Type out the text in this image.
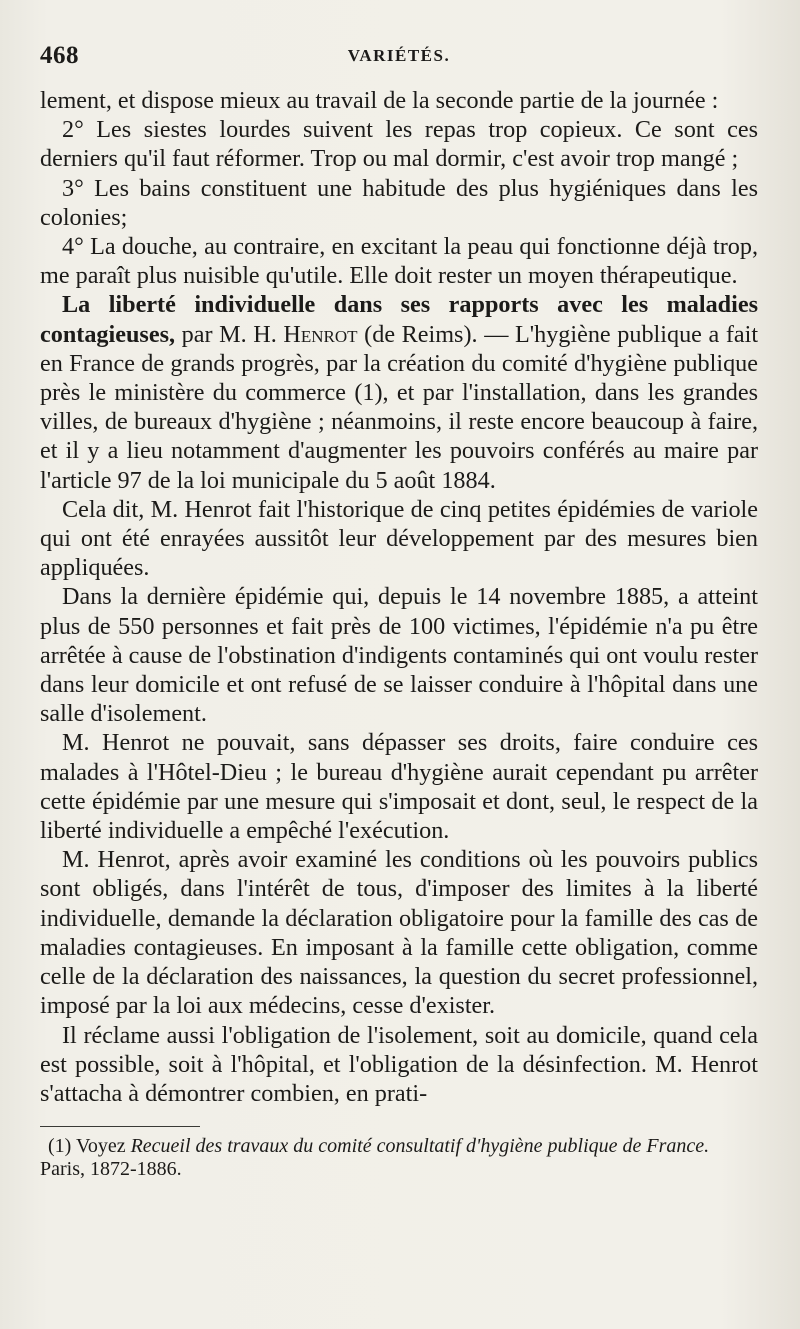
468	VARIÉTÉS.

lement, et dispose mieux au travail de la seconde partie de la journée :

2° Les siestes lourdes suivent les repas trop copieux. Ce sont ces derniers qu'il faut réformer. Trop ou mal dormir, c'est avoir trop mangé ;

3° Les bains constituent une habitude des plus hygiéniques dans les colonies;

4° La douche, au contraire, en excitant la peau qui fonctionne déjà trop, me paraît plus nuisible qu'utile. Elle doit rester un moyen thérapeutique.

La liberté individuelle dans ses rapports avec les maladies contagieuses, par M. H. Henrot (de Reims). — L'hygiène publique a fait en France de grands progrès, par la création du comité d'hygiène publique près le ministère du commerce (1), et par l'installation, dans les grandes villes, de bureaux d'hygiène ; néanmoins, il reste encore beaucoup à faire, et il y a lieu notamment d'augmenter les pouvoirs conférés au maire par l'article 97 de la loi municipale du 5 août 1884.

Cela dit, M. Henrot fait l'historique de cinq petites épidémies de variole qui ont été enrayées aussitôt leur développement par des mesures bien appliquées.

Dans la dernière épidémie qui, depuis le 14 novembre 1885, a atteint plus de 550 personnes et fait près de 100 victimes, l'épidémie n'a pu être arrêtée à cause de l'obstination d'indigents contaminés qui ont voulu rester dans leur domicile et ont refusé de se laisser conduire à l'hôpital dans une salle d'isolement.

M. Henrot ne pouvait, sans dépasser ses droits, faire conduire ces malades à l'Hôtel-Dieu ; le bureau d'hygiène aurait cependant pu arrêter cette épidémie par une mesure qui s'imposait et dont, seul, le respect de la liberté individuelle a empêché l'exécution.

M. Henrot, après avoir examiné les conditions où les pouvoirs publics sont obligés, dans l'intérêt de tous, d'imposer des limites à la liberté individuelle, demande la déclaration obligatoire pour la famille des cas de maladies contagieuses. En imposant à la famille cette obligation, comme celle de la déclaration des naissances, la question du secret professionnel, imposé par la loi aux médecins, cesse d'exister.

Il réclame aussi l'obligation de l'isolement, soit au domicile, quand cela est possible, soit à l'hôpital, et l'obligation de la désinfection. M. Henrot s'attacha à démontrer combien, en prati-

(1) Voyez Recueil des travaux du comité consultatif d'hygiène publique de France. Paris, 1872-1886.
